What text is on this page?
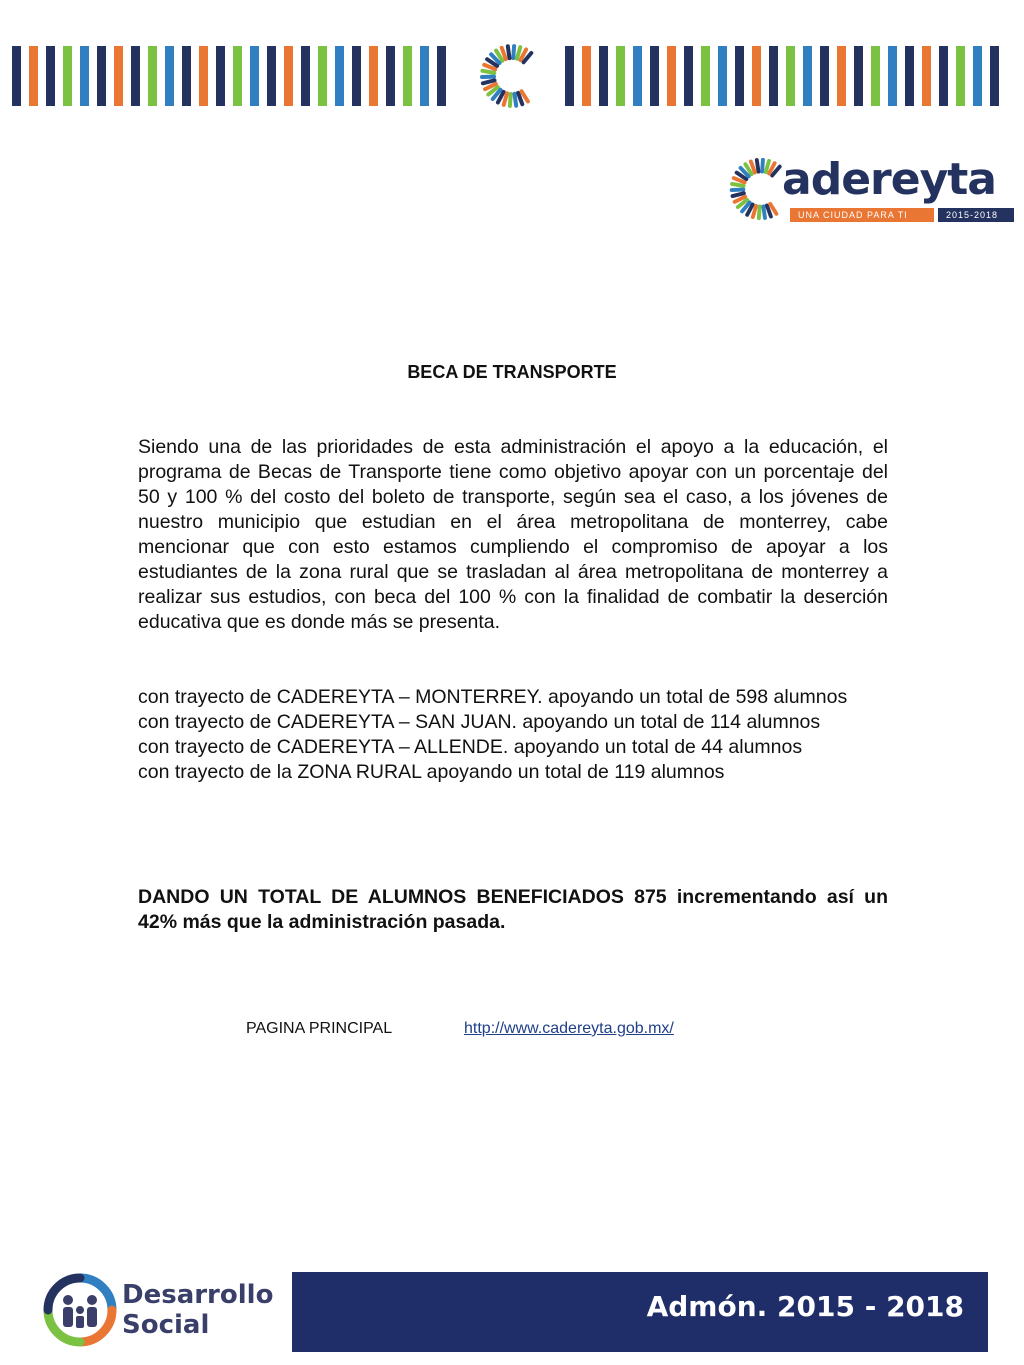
adereyta
UNA CIUDAD PARA TI	2015-2018
BECA DE TRANSPORTE
Siendo una de las prioridades de esta administración el apoyo a la educación, el programa de Becas de Transporte tiene como objetivo apoyar con un porcentaje del 50 y 100 % del costo del boleto de transporte, según sea el caso, a los jóvenes de nuestro municipio que estudian en el área metropolitana de monterrey, cabe mencionar que con esto estamos cumpliendo el compromiso de apoyar a los estudiantes de la zona rural que se trasladan al área metropolitana de monterrey a realizar sus estudios, con beca del 100 % con la finalidad de combatir la deserción educativa que es donde más se presenta.
con trayecto de CADEREYTA – MONTERREY. apoyando un total de 598 alumnos
con trayecto de CADEREYTA – SAN JUAN. apoyando un total de 114 alumnos
con trayecto de CADEREYTA – ALLENDE. apoyando un total de 44 alumnos
con trayecto de la ZONA RURAL apoyando un total de 119 alumnos
DANDO UN TOTAL DE ALUMNOS BENEFICIADOS 875 incrementando así un 42% más que la administración pasada.
PAGINA PRINCIPAL	http://www.cadereyta.gob.mx/
Desarrollo
Social
Admón. 2015 - 2018
